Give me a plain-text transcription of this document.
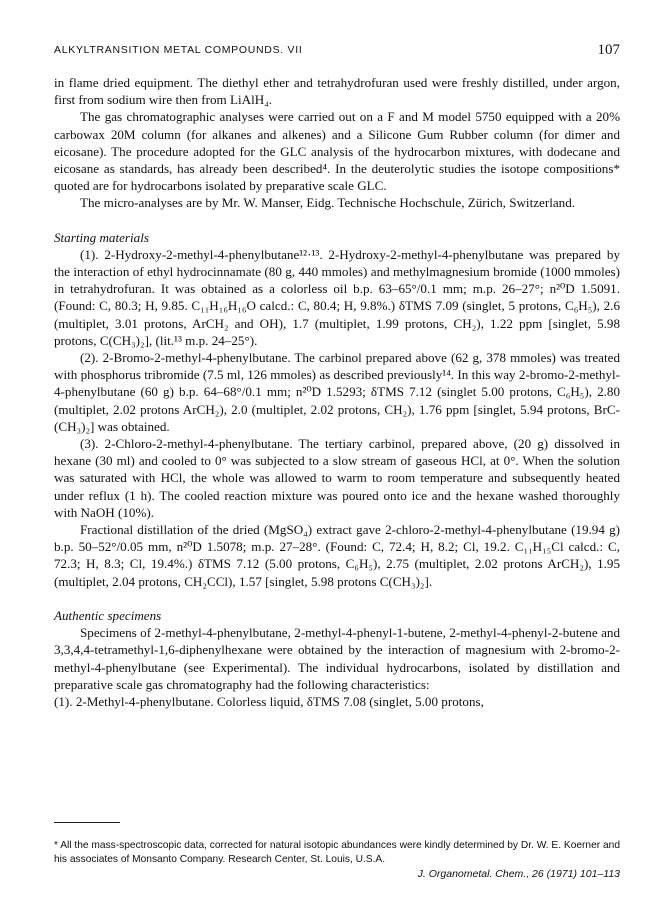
ALKYLTRANSITION METAL COMPOUNDS. VII	107

in flame dried equipment. The diethyl ether and tetrahydrofuran used were freshly distilled, under argon, first from sodium wire then from LiAlH₄.

The gas chromatographic analyses were carried out on a F and M model 5750 equipped with a 20% carbowax 20M column (for alkanes and alkenes) and a Silicone Gum Rubber column (for dimer and eicosane). The procedure adopted for the GLC analysis of the hydrocarbon mixtures, with dodecane and eicosane as standards, has already been described⁴. In the deuterolytic studies the isotope compositions* quoted are for hydrocarbons isolated by preparative scale GLC.

The micro-analyses are by Mr. W. Manser, Eidg. Technische Hochschule, Zürich, Switzerland.

Starting materials

(1). 2-Hydroxy-2-methyl-4-phenylbutane¹²·¹³. 2-Hydroxy-2-methyl-4-phenylbutane was prepared by the interaction of ethyl hydrocinnamate (80 g, 440 mmoles) and methylmagnesium bromide (1000 mmoles) in tetrahydrofuran. It was obtained as a colorless oil b.p. 63–65°/0.1 mm; m.p. 26–27°; n²⁰D 1.5091. (Found: C, 80.3; H, 9.85. C₁₁H₁₆H₁₆O calcd.: C, 80.4; H, 9.8%.) δTMS 7.09 (singlet, 5 protons, C₆H₅), 2.6 (multiplet, 3.01 protons, ArCH₂ and OH), 1.7 (multiplet, 1.99 protons, CH₂), 1.22 ppm [singlet, 5.98 protons, C(CH₃)₂], (lit.¹³ m.p. 24–25°).

(2). 2-Bromo-2-methyl-4-phenylbutane. The carbinol prepared above (62 g, 378 mmoles) was treated with phosphorus tribromide (7.5 ml, 126 mmoles) as described previously¹⁴. In this way 2-bromo-2-methyl-4-phenylbutane (60 g) b.p. 64–68°/0.1 mm; n²⁰D 1.5293; δTMS 7.12 (singlet 5.00 protons, C₆H₅), 2.80 (multiplet, 2.02 protons ArCH₂), 2.0 (multiplet, 2.02 protons, CH₂), 1.76 ppm [singlet, 5.94 protons, BrC-(CH₃)₂] was obtained.

(3). 2-Chloro-2-methyl-4-phenylbutane. The tertiary carbinol, prepared above, (20 g) dissolved in hexane (30 ml) and cooled to 0° was subjected to a slow stream of gaseous HCl, at 0°. When the solution was saturated with HCl, the whole was allowed to warm to room temperature and subsequently heated under reflux (1 h). The cooled reaction mixture was poured onto ice and the hexane washed thoroughly with NaOH (10%).

Fractional distillation of the dried (MgSO₄) extract gave 2-chloro-2-methyl-4-phenylbutane (19.94 g) b.p. 50–52°/0.05 mm, n²⁰D 1.5078; m.p. 27–28°. (Found: C, 72.4; H, 8.2; Cl, 19.2. C₁₁H₁₅Cl calcd.: C, 72.3; H, 8.3; Cl, 19.4%.) δTMS 7.12 (5.00 protons, C₆H₅), 2.75 (multiplet, 2.02 protons ArCH₂), 1.95 (multiplet, 2.04 protons, CH₂CCl), 1.57 [singlet, 5.98 protons C(CH₃)₂].

Authentic specimens

Specimens of 2-methyl-4-phenylbutane, 2-methyl-4-phenyl-1-butene, 2-methyl-4-phenyl-2-butene and 3,3,4,4-tetramethyl-1,6-diphenylhexane were obtained by the interaction of magnesium with 2-bromo-2-methyl-4-phenylbutane (see Experimental). The individual hydrocarbons, isolated by distillation and preparative scale gas chromatography had the following characteristics:

(1). 2-Methyl-4-phenylbutane. Colorless liquid, δTMS 7.08 (singlet, 5.00 protons,

* All the mass-spectroscopic data, corrected for natural isotopic abundances were kindly determined by Dr. W. E. Koerner and his associates of Monsanto Company. Research Center, St. Louis, U.S.A.

J. Organometal. Chem., 26 (1971) 101–113
